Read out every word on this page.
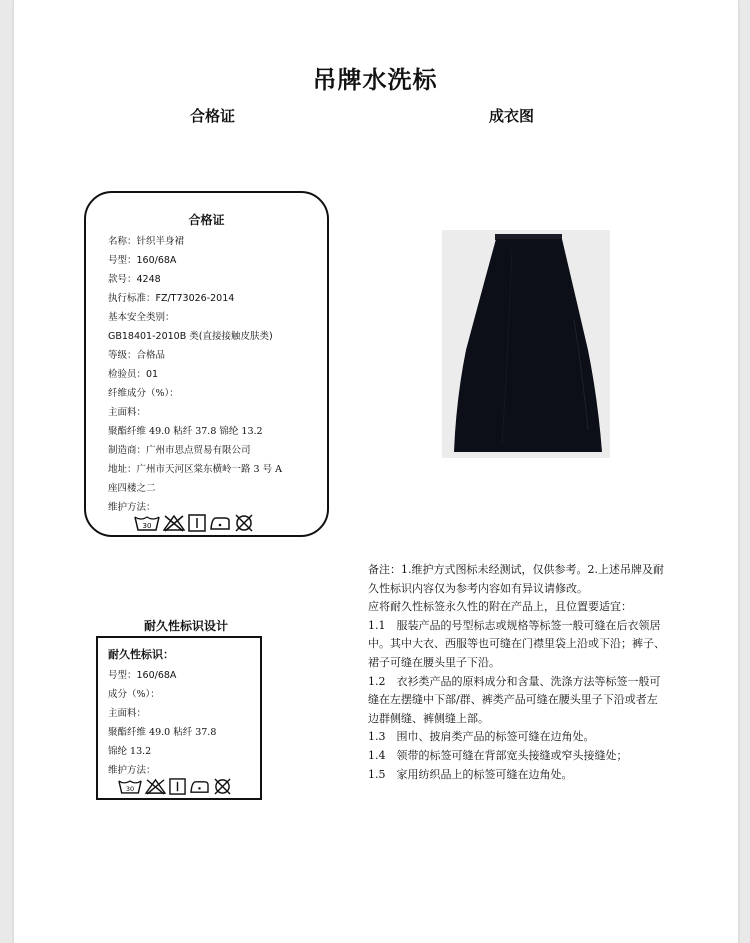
吊牌水洗标
合格证	成衣图
合格证
名称：针织半身裙
号型：160/68A
款号：4248
执行标准：FZ/T73026-2014
基本安全类别：
GB18401-2010B 类(直接接触皮肤类)
等级：合格品
检验员：01
纤维成分（%）：
主面料：
聚酯纤维 49.0 粘纤 37.8 锦纶 13.2
制造商：广州市思点贸易有限公司
地址：广州市天河区棠东横岭一路 3 号 A
座四楼之二
维护方法：
30

备注：1.维护方式图标未经测试，仅供参考。2.上述吊牌及耐久性标识内容仅为参考内容如有异议请修改。

应将耐久性标签永久性的附在产品上，且位置要适宜：

1.1　服装产品的号型标志或规格等标签一般可缝在后衣领居中。其中大衣、西服等也可缝在门襟里袋上沿或下沿；裤子、裙子可缝在腰头里子下沿。

1.2　衣衫类产品的原料成分和含量、洗涤方法等标签一般可缝在左摆缝中下部/群、裤类产品可缝在腰头里子下沿或者左边群侧缝、裤侧缝上部。

1.3　围巾、披肩类产品的标签可缝在边角处。

1.4　领带的标签可缝在背部宽头接缝或窄头接缝处；

1.5　家用纺织品上的标签可缝在边角处。

耐久性标识设计
耐久性标识：
号型：160/68A
成分（%）：
主面料：
聚酯纤维 49.0 粘纤 37.8
锦纶 13.2
维护方法：
30
